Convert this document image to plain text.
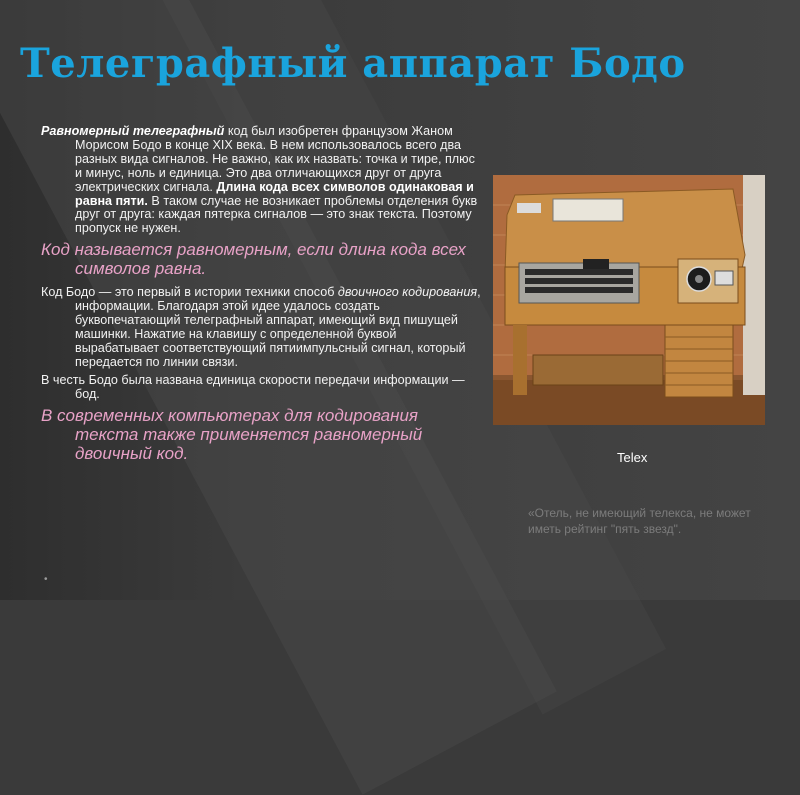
Телеграфный аппарат Бодо

Равномерный телеграфный код был изобретен французом Жаном Морисом Бодо в конце XIX века. В нем использовалось всего два разных вида сигналов. Не важно, как их назвать: точка и тире, плюс и минус, ноль и единица. Это два отличающихся друг от друга электрических сигнала. Длина кода всех символов одинаковая и равна пяти. В таком случае не возникает проблемы отделения букв друг от друга: каждая пятерка сигналов — это знак текста. Поэтому пропуск не нужен.

Код называется равномерным, если длина кода всех символов равна.

Код Бодо — это первый в истории техники способ двоичного кодирования, информации. Благодаря этой идее удалось создать буквопечатающий телеграфный аппарат, имеющий вид пишущей машинки. Нажатие на клавишу с определенной буквой вырабатывает соответствующий пятиимпульсный сигнал, который передается по линии связи.

В честь Бодо была названа единица скорости передачи информации — бод.

В современных компьютерах для кодирования текста также применяется равномерный двоичный код.	Telex
«Отель, не имеющий телекса, не может иметь рейтинг "пять звезд".
•
